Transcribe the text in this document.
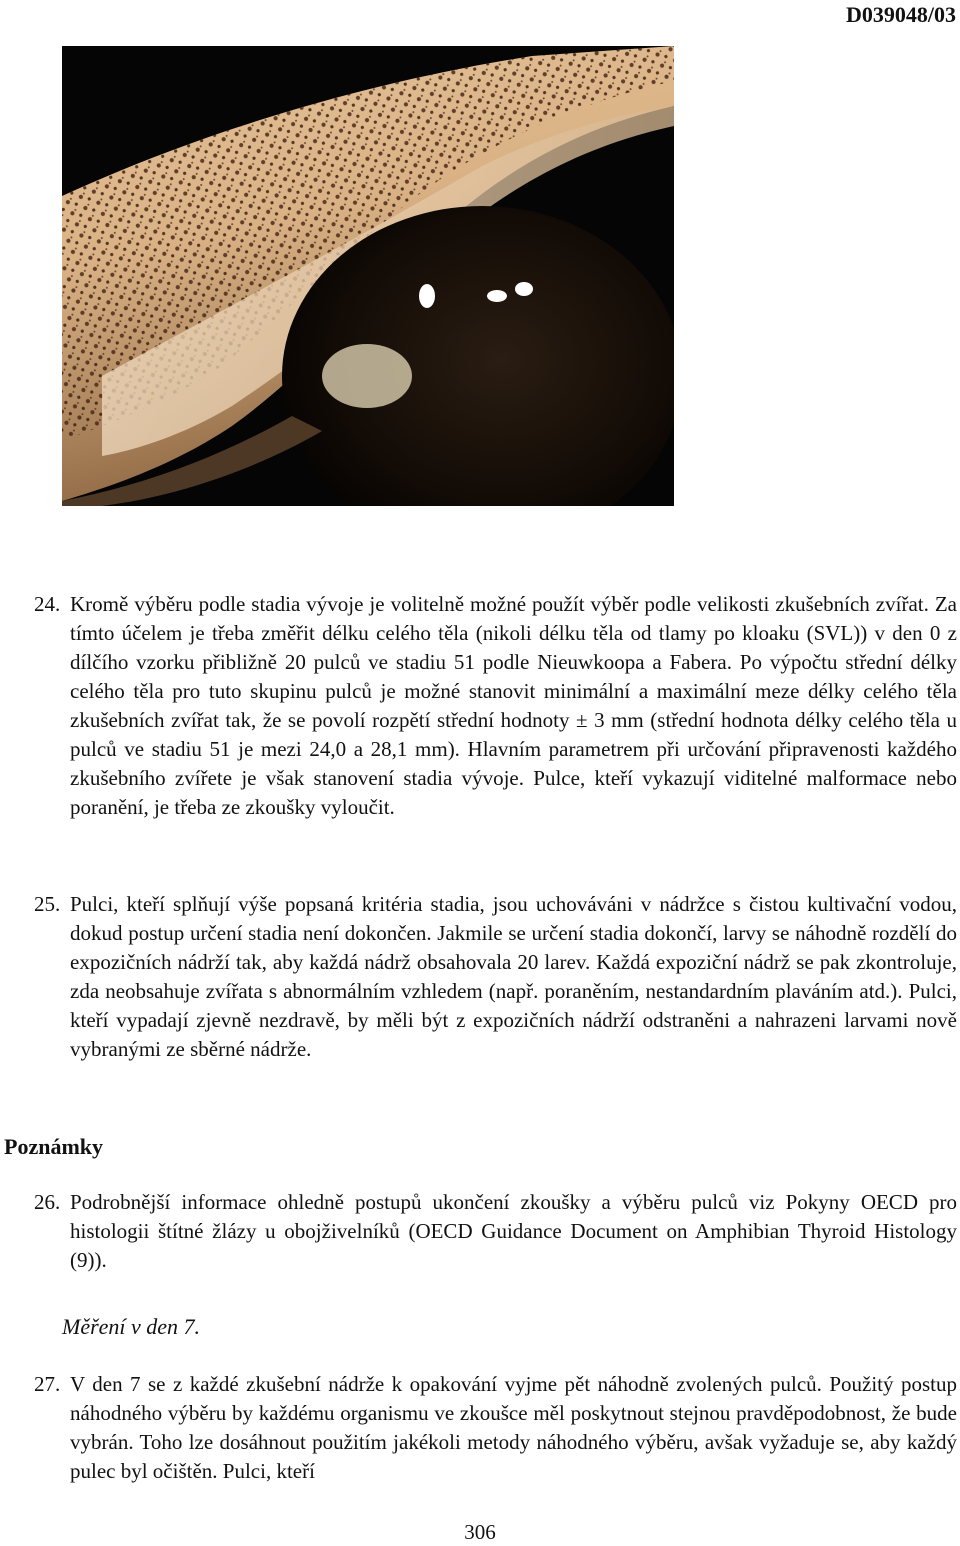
D039048/03
24. Kromě výběru podle stadia vývoje je volitelně možné použít výběr podle velikosti zkušebních zvířat. Za tímto účelem je třeba změřit délku celého těla (nikoli délku těla od tlamy po kloaku (SVL)) v den 0 z dílčího vzorku přibližně 20 pulců ve stadiu 51 podle Nieuwkoopa a Fabera. Po výpočtu střední délky celého těla pro tuto skupinu pulců je možné stanovit minimální a maximální meze délky celého těla zkušebních zvířat tak, že se povolí rozpětí střední hodnoty ± 3 mm (střední hodnota délky celého těla u pulců ve stadiu 51 je mezi 24,0 a 28,1 mm). Hlavním parametrem při určování připravenosti každého zkušebního zvířete je však stanovení stadia vývoje. Pulce, kteří vykazují viditelné malformace nebo poranění, je třeba ze zkoušky vyloučit.
25. Pulci, kteří splňují výše popsaná kritéria stadia, jsou uchováváni v nádržce s čistou kultivační vodou, dokud postup určení stadia není dokončen. Jakmile se určení stadia dokončí, larvy se náhodně rozdělí do expozičních nádrží tak, aby každá nádrž obsahovala 20 larev. Každá expoziční nádrž se pak zkontroluje, zda neobsahuje zvířata s abnormálním vzhledem (např. poraněním, nestandardním plaváním atd.). Pulci, kteří vypadají zjevně nezdravě, by měli být z expozičních nádrží odstraněni a nahrazeni larvami nově vybranými ze sběrné nádrže.
Poznámky
26. Podrobnější informace ohledně postupů ukončení zkoušky a výběru pulců viz Pokyny OECD pro histologii štítné žlázy u obojživelníků (OECD Guidance Document on Amphibian Thyroid Histology (9)).
Měření v den 7.
27. V den 7 se z každé zkušební nádrže k opakování vyjme pět náhodně zvolených pulců. Použitý postup náhodného výběru by každému organismu ve zkoušce měl poskytnout stejnou pravděpodobnost, že bude vybrán. Toho lze dosáhnout použitím jakékoli metody náhodného výběru, avšak vyžaduje se, aby každý pulec byl očištěn. Pulci, kteří
306
